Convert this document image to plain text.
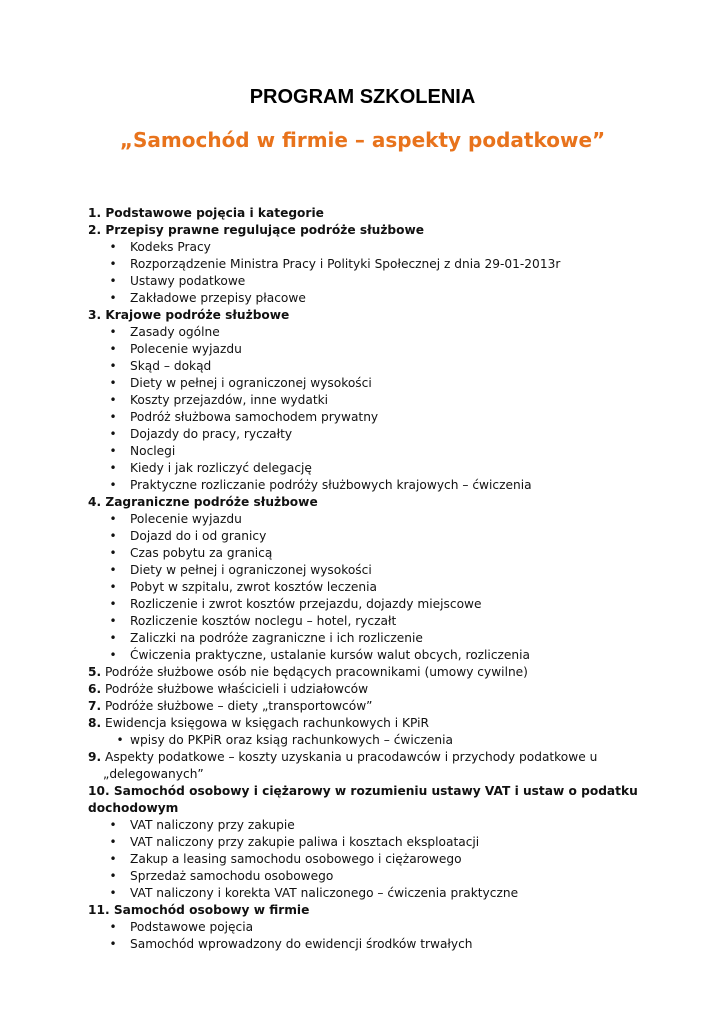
PROGRAM SZKOLENIA
„Samochód w firmie – aspekty podatkowe”
1. Podstawowe pojęcia i kategorie
2. Przepisy prawne regulujące podróże służbowe
• Kodeks Pracy
• Rozporządzenie Ministra Pracy i Polityki Społecznej z dnia 29-01-2013r
• Ustawy podatkowe
• Zakładowe przepisy płacowe
3. Krajowe podróże służbowe
• Zasady ogólne
• Polecenie wyjazdu
• Skąd – dokąd
• Diety w pełnej i ograniczonej wysokości
• Koszty przejazdów, inne wydatki
• Podróż służbowa samochodem prywatny
• Dojazdy do pracy, ryczałty
• Noclegi
• Kiedy i jak rozliczyć delegację
• Praktyczne rozliczanie podróży służbowych krajowych – ćwiczenia
4. Zagraniczne podróże służbowe
• Polecenie wyjazdu
• Dojazd do i od granicy
• Czas pobytu za granicą
• Diety w pełnej i ograniczonej wysokości
• Pobyt w szpitalu, zwrot kosztów leczenia
• Rozliczenie i zwrot kosztów przejazdu, dojazdy miejscowe
• Rozliczenie kosztów noclegu – hotel, ryczałt
• Zaliczki na podróże zagraniczne i ich rozliczenie
• Ćwiczenia praktyczne, ustalanie kursów walut obcych, rozliczenia
5. Podróże służbowe osób nie będących pracownikami (umowy cywilne)
6. Podróże służbowe właścicieli i udziałowców
7. Podróże służbowe – diety „transportowców”
8. Ewidencja księgowa w księgach rachunkowych i KPiR
• wpisy do PKPiR oraz ksiąg rachunkowych – ćwiczenia
9. Aspekty podatkowe – koszty uzyskania u pracodawców i przychody podatkowe u
„delegowanych”
10. Samochód osobowy i ciężarowy w rozumieniu ustawy VAT i ustaw o podatku
dochodowym
• VAT naliczony przy zakupie
• VAT naliczony przy zakupie paliwa i kosztach eksploatacji
• Zakup a leasing samochodu osobowego i ciężarowego
• Sprzedaż samochodu osobowego
• VAT naliczony i korekta VAT naliczonego – ćwiczenia praktyczne
11. Samochód osobowy w firmie
• Podstawowe pojęcia
• Samochód wprowadzony do ewidencji środków trwałych
